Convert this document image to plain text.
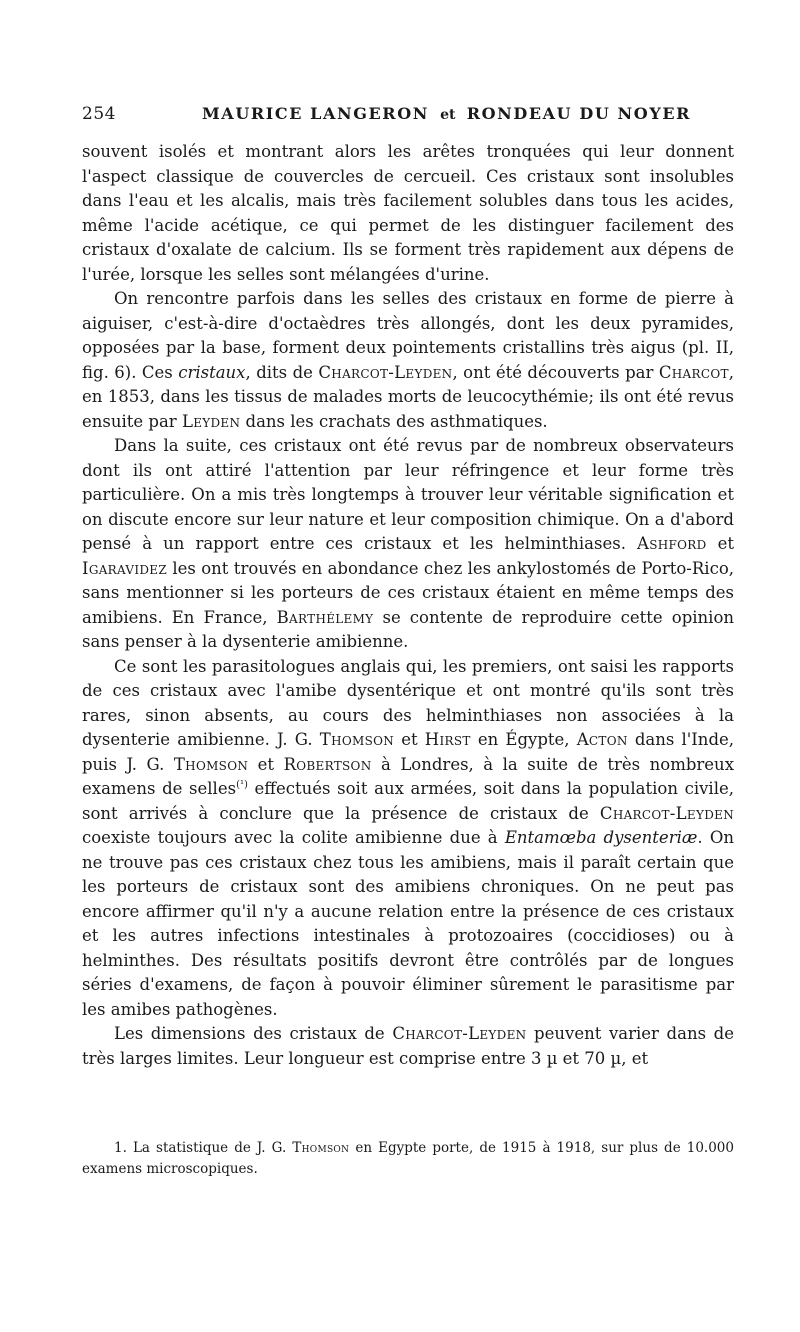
254	MAURICE LANGERON et RONDEAU DU NOYER

souvent isolés et montrant alors les arêtes tronquées qui leur donnent l'aspect classique de couvercles de cercueil. Ces cristaux sont insolubles dans l'eau et les alcalis, mais très facilement solubles dans tous les acides, même l'acide acétique, ce qui permet de les distinguer facilement des cristaux d'oxalate de calcium. Ils se forment très rapidement aux dépens de l'urée, lorsque les selles sont mélangées d'urine.

On rencontre parfois dans les selles des cristaux en forme de pierre à aiguiser, c'est-à-dire d'octaèdres très allongés, dont les deux pyramides, opposées par la base, forment deux pointements cristallins très aigus (pl. II, fig. 6). Ces cristaux, dits de Charcot-Leyden, ont été découverts par Charcot, en 1853, dans les tissus de malades morts de leucocythémie; ils ont été revus ensuite par Leyden dans les crachats des asthmatiques.

Dans la suite, ces cristaux ont été revus par de nombreux observateurs dont ils ont attiré l'attention par leur réfringence et leur forme très particulière. On a mis très longtemps à trouver leur véritable signification et on discute encore sur leur nature et leur composition chimique. On a d'abord pensé à un rapport entre ces cristaux et les helminthiases. Ashford et Igaravidez les ont trouvés en abondance chez les ankylostomés de Porto-Rico, sans mentionner si les porteurs de ces cristaux étaient en même temps des amibiens. En France, Barthélemy se contente de reproduire cette opinion sans penser à la dysenterie amibienne.

Ce sont les parasitologues anglais qui, les premiers, ont saisi les rapports de ces cristaux avec l'amibe dysentérique et ont montré qu'ils sont très rares, sinon absents, au cours des helminthiases non associées à la dysenterie amibienne. J. G. Thomson et Hirst en Égypte, Acton dans l'Inde, puis J. G. Thomson et Robertson à Londres, à la suite de très nombreux examens de selles$^{(^1)}$ effectués soit aux armées, soit dans la population civile, sont arrivés à conclure que la présence de cristaux de Charcot-Leyden coexiste toujours avec la colite amibienne due à Entamœba dysenteriæ. On ne trouve pas ces cristaux chez tous les amibiens, mais il paraît certain que les porteurs de cristaux sont des amibiens chroniques. On ne peut pas encore affirmer qu'il n'y a aucune relation entre la présence de ces cristaux et les autres infections intestinales à protozoaires (coccidioses) ou à helminthes. Des résultats positifs devront être contrôlés par de longues séries d'examens, de façon à pouvoir éliminer sûrement le parasitisme par les amibes pathogènes.

Les dimensions des cristaux de Charcot-Leyden peuvent varier dans de très larges limites. Leur longueur est comprise entre 3 µ et 70 µ, et

1. La statistique de J. G. Thomson en Egypte porte, de 1915 à 1918, sur plus de 10.000 examens microscopiques.
